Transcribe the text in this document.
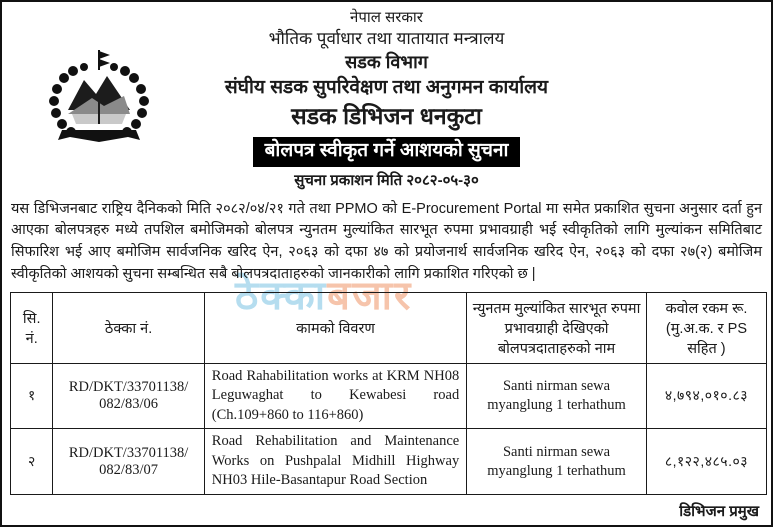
ठेक्काबजार
नेपाल सरकार
भौतिक पूर्वाधार तथा यातायात मन्त्रालय
सडक विभाग
संघीय सडक सुपरिवेक्षण तथा अनुगमन कार्यालय
सडक डिभिजन धनकुटा
बोलपत्र स्वीकृत गर्ने आशयको सुचना
सुचना प्रकाशन मिति २०८२-०५-३०
यस डिभिजनबाट राष्ट्रिय दैनिकको मिति २०८२/०४/२१ गते तथा PPMO को E-Procurement Portal मा समेत प्रकाशित सुचना अनुसार दर्ता हुन आएका बोलपत्रहरु मध्ये तपशिल बमोजिमको बोलपत्र न्युनतम मुल्यांकित सारभूत रुपमा प्रभावग्राही भई स्वीकृतिको लागि मुल्यांकन समितिबाट सिफारिश भई आए बमोजिम सार्वजनिक खरिद ऐन, २०६३ को दफा ४७ को प्रयोजनार्थ सार्वजनिक खरिद ऐन, २०६३ को दफा २७(२) बमोजिम स्वीकृतिको आशयको सुचना सम्बन्धित सबै बोलपत्रदाताहरुको जानकारीको लागि प्रकाशित गरिएको छ |
सि. नं.	ठेक्का नं.	कामको विवरण	न्युनतम मुल्यांकित सारभूत रुपमा प्रभावग्राही देखिएको बोलपत्रदाताहरुको नाम	कवोल रकम रू. (मु.अ.क. र PS सहित )
१	RD/DKT/33701138/ 082/83/06	Road Rahabilitation works at KRM NH08 Leguwaghat to Kewabesi road (Ch.109+860 to 116+860)	Santi nirman sewa myanglung 1 terhathum	४,७९४,०१०.८३
२	RD/DKT/33701138/ 082/83/07	Road Rehabilitation and Maintenance Works on Pushpalal Midhill Highway NH03 Hile-Basantapur Road Section	Santi nirman sewa myanglung 1 terhathum	८,१२२,४८५.०३
डिभिजन प्रमुख
